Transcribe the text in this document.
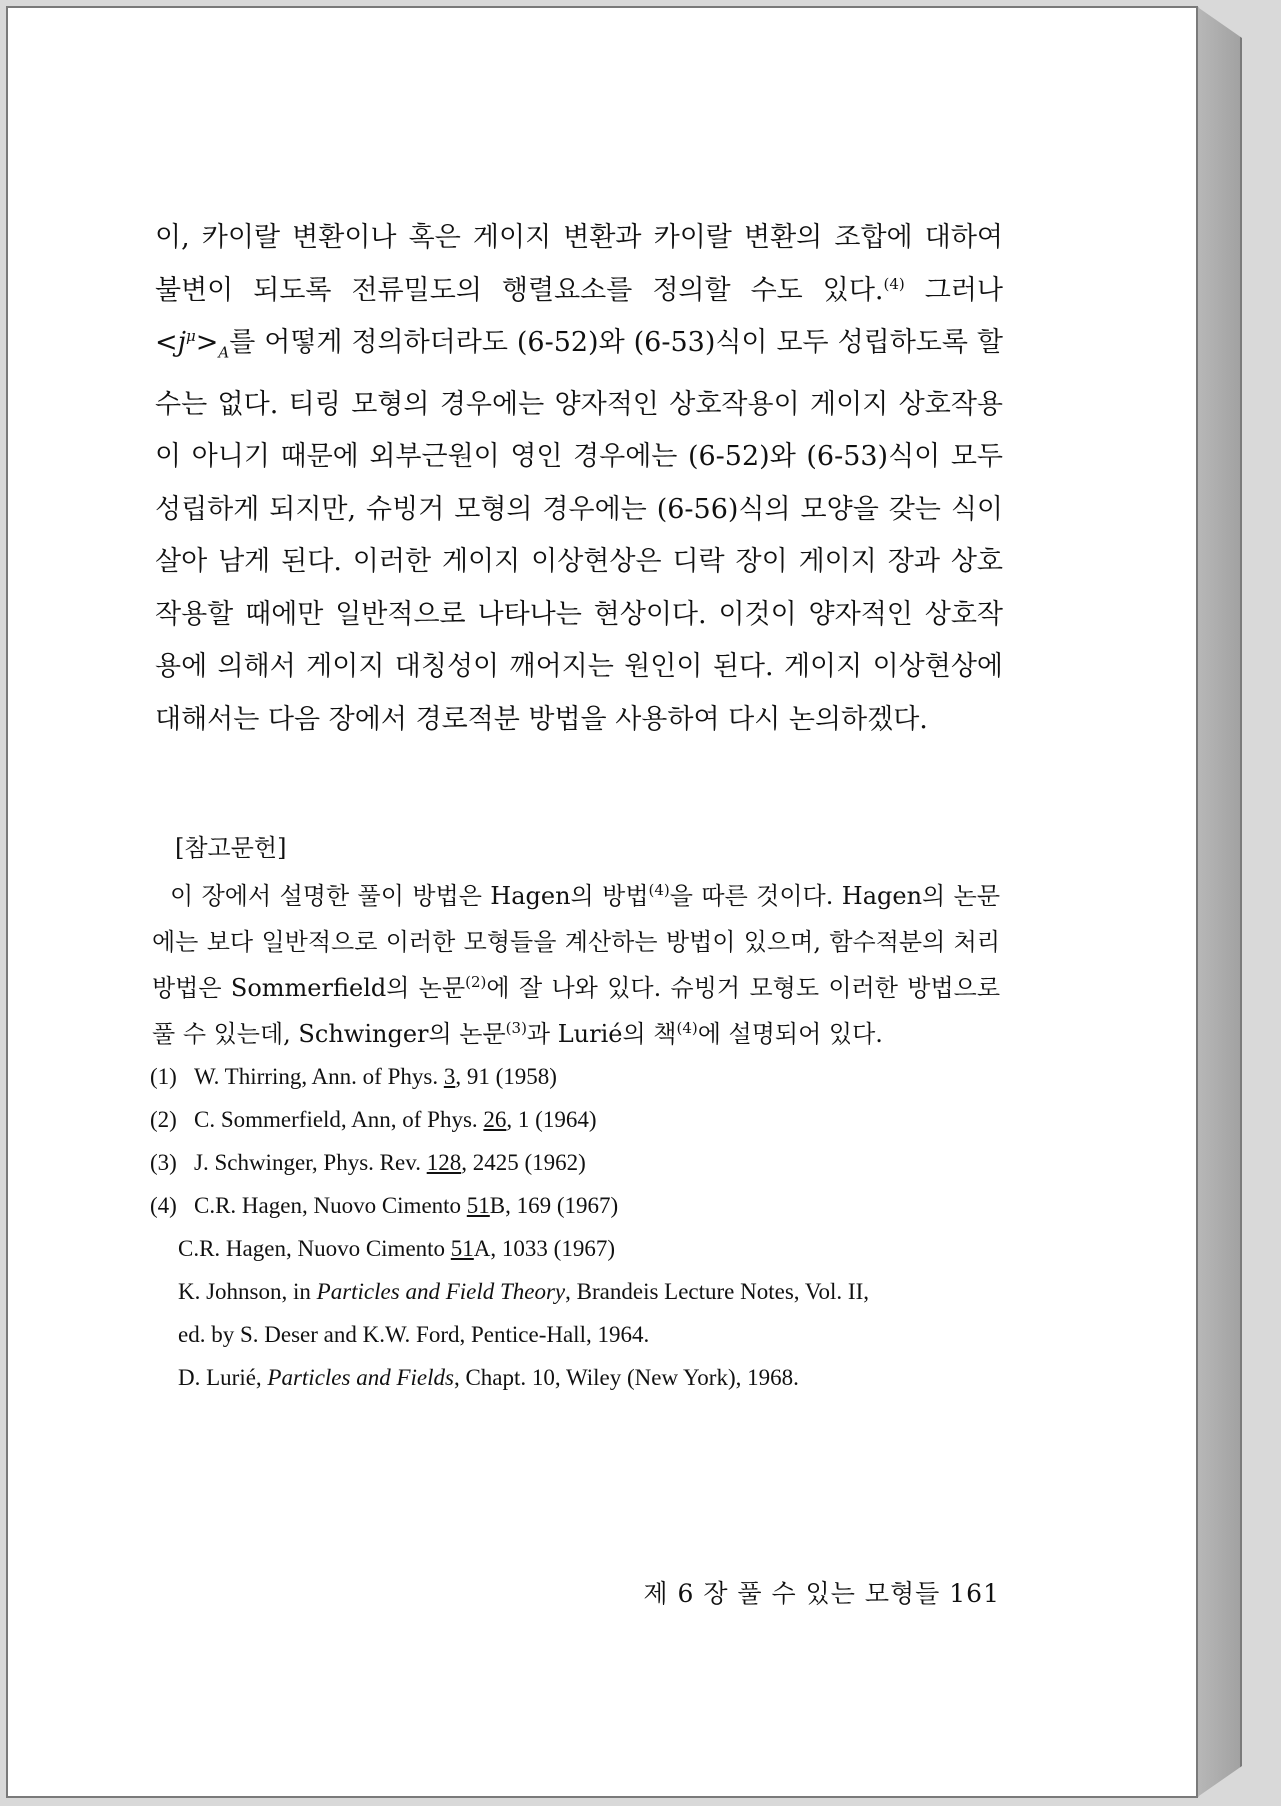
이, 카이랄 변환이나 혹은 게이지 변환과 카이랄 변환의 조합에 대하여 불변이 되도록 전류밀도의 행렬요소를 정의할 수도 있다.$^{(4)}$ 그러나 $<j^\mu>_A$를 어떻게 정의하더라도 (6-52)와 (6-53)식이 모두 성립하도록 할 수는 없다. 티링 모형의 경우에는 양자적인 상호작용이 게이지 상호작용이 아니기 때문에 외부근원이 영인 경우에는 (6-52)와 (6-53)식이 모두 성립하게 되지만, 슈빙거 모형의 경우에는 (6-56)식의 모양을 갖는 식이 살아 남게 된다. 이러한 게이지 이상현상은 디락 장이 게이지 장과 상호작용할 때에만 일반적으로 나타나는 현상이다. 이것이 양자적인 상호작용에 의해서 게이지 대칭성이 깨어지는 원인이 된다. 게이지 이상현상에 대해서는 다음 장에서 경로적분 방법을 사용하여 다시 논의하겠다.

[참고문헌]

이 장에서 설명한 풀이 방법은 Hagen의 방법$^{(4)}$을 따른 것이다. Hagen의 논문에는 보다 일반적으로 이러한 모형들을 계산하는 방법이 있으며, 함수적분의 처리방법은 Sommerfield의 논문$^{(2)}$에 잘 나와 있다. 슈빙거 모형도 이러한 방법으로 풀 수 있는데, Schwinger의 논문$^{(3)}$과 Lurié의 책$^{(4)}$에 설명되어 있다.

(1) W. Thirring, Ann. of Phys. 3, 91 (1958)
(2) C. Sommerfield, Ann, of Phys. 26, 1 (1964)
(3) J. Schwinger, Phys. Rev. 128, 2425 (1962)
(4) C.R. Hagen, Nuovo Cimento 51B, 169 (1967)
C.R. Hagen, Nuovo Cimento 51A, 1033 (1967)
K. Johnson, in Particles and Field Theory, Brandeis Lecture Notes, Vol. II,
ed. by S. Deser and K.W. Ford, Pentice-Hall, 1964.
D. Lurié, Particles and Fields, Chapt. 10, Wiley (New York), 1968.
제 6 장 풀 수 있는 모형들 161
